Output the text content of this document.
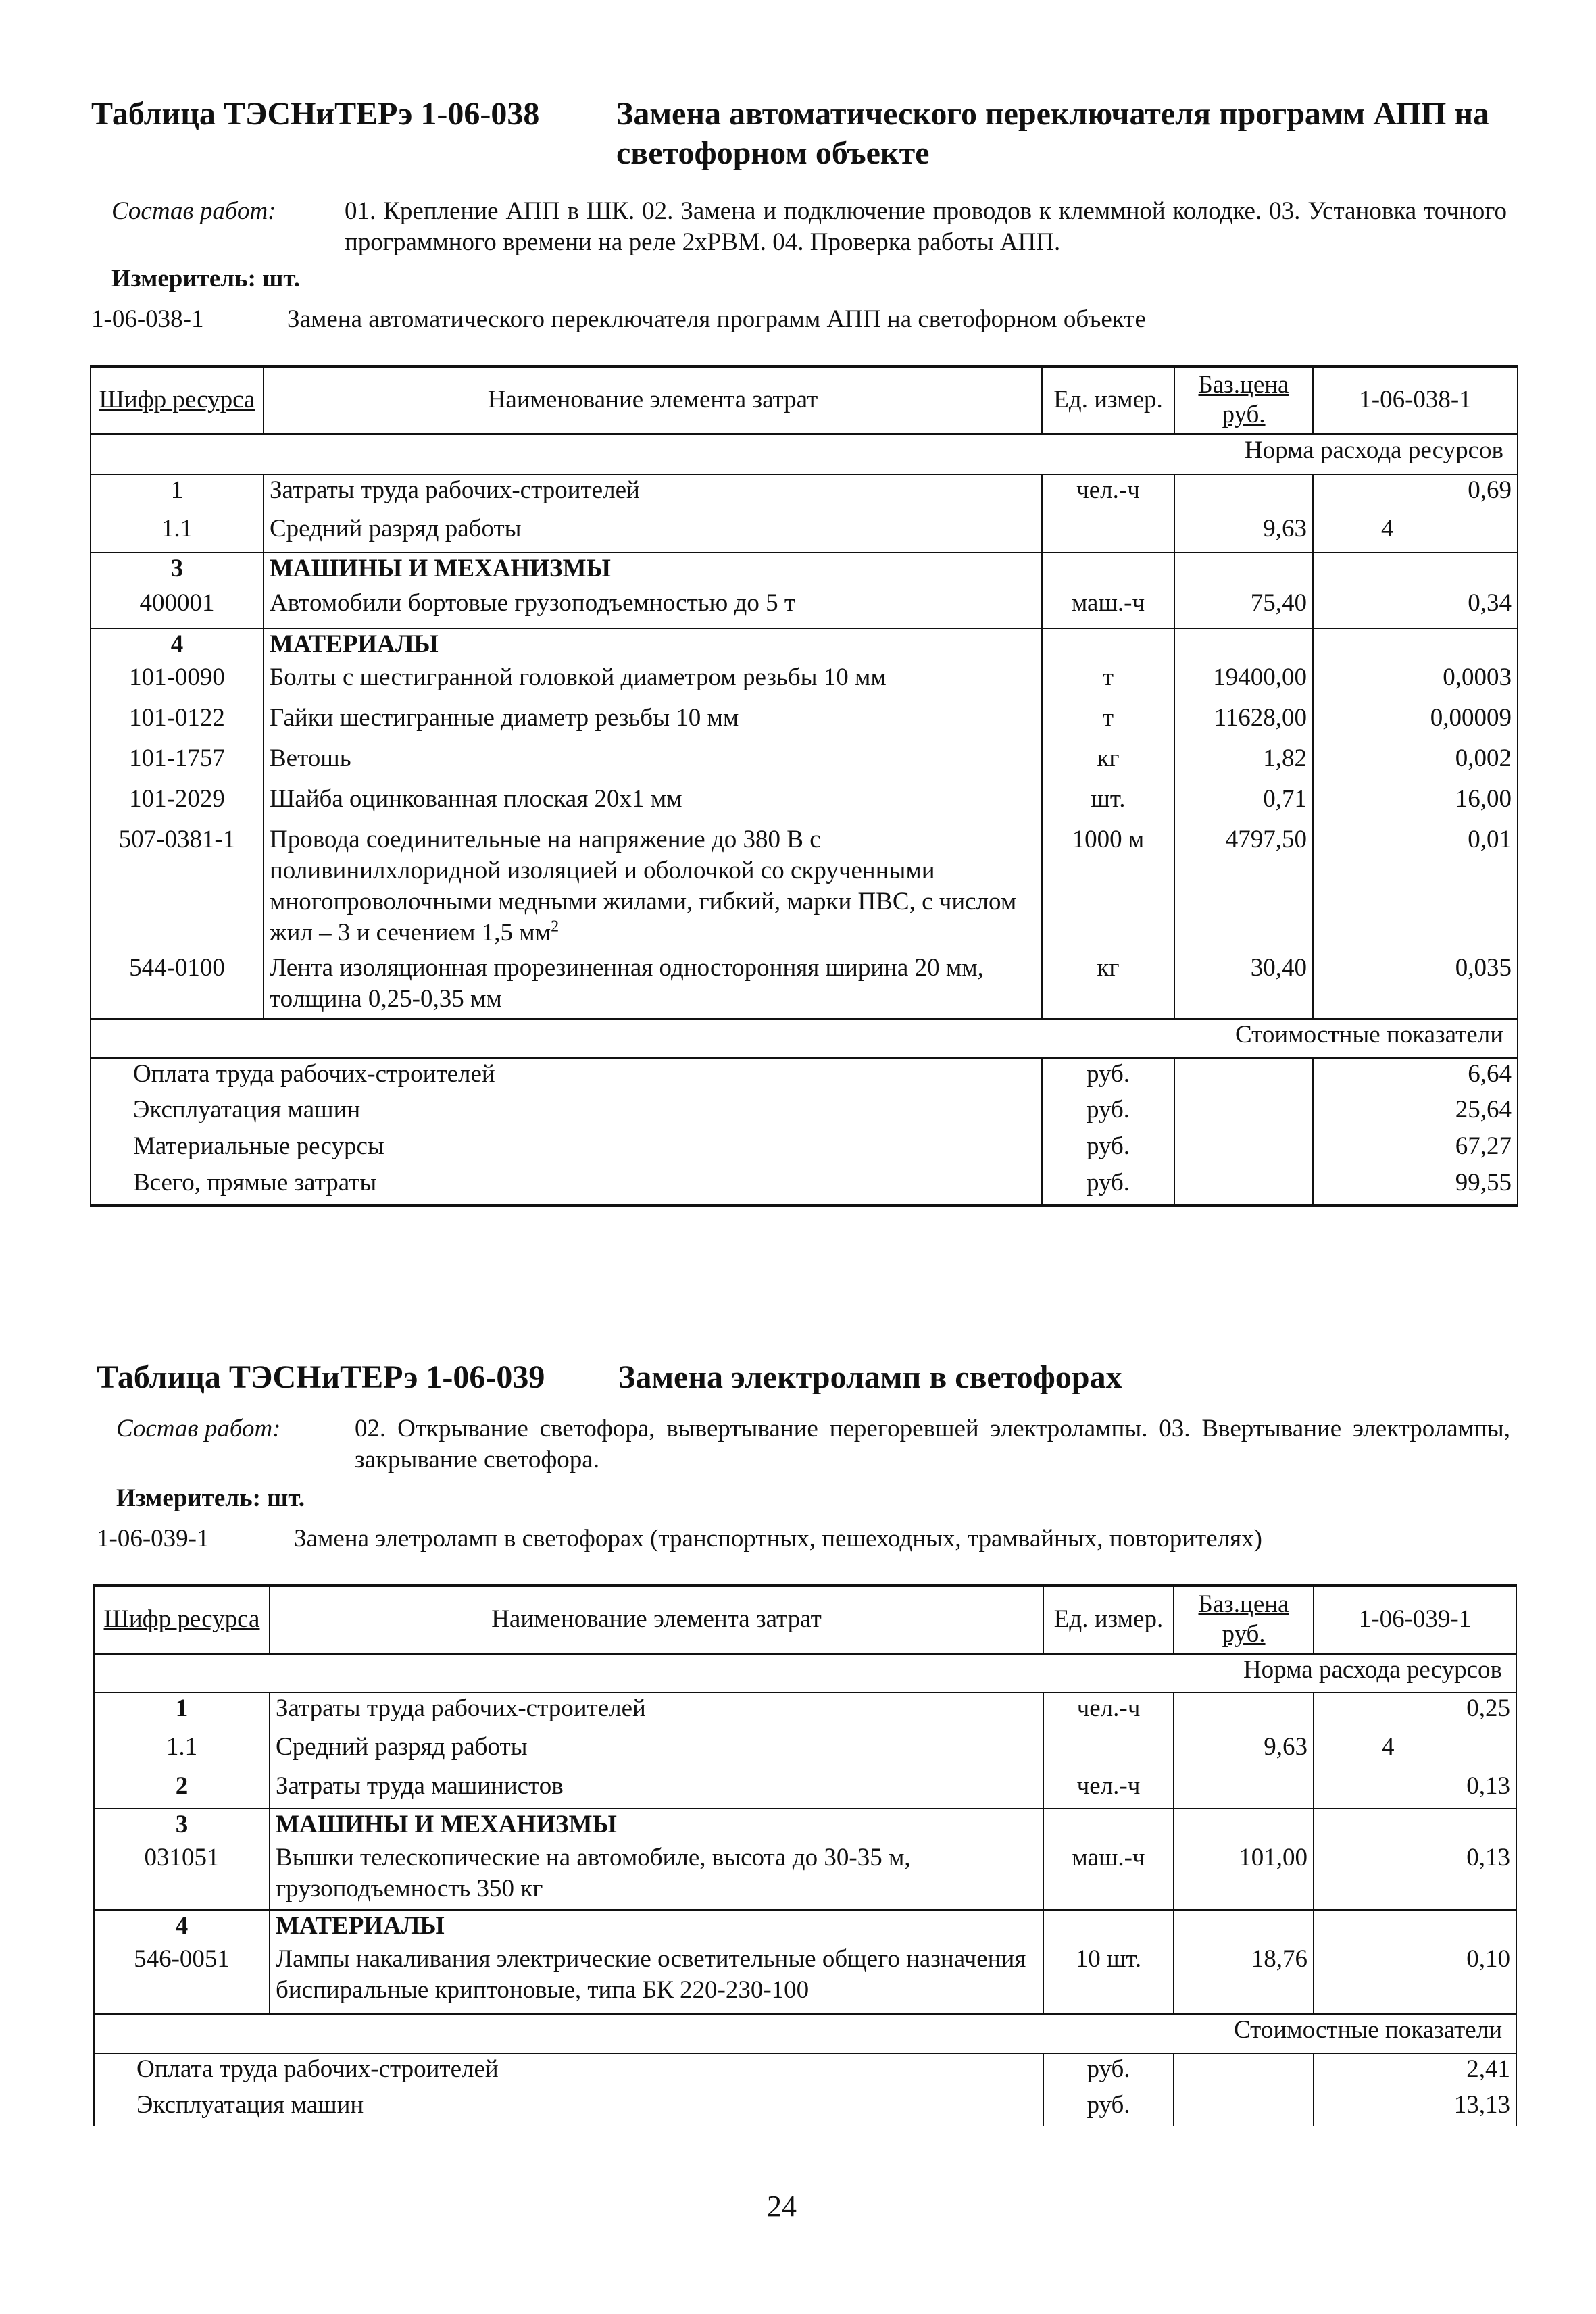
Таблица ТЭСНиТЕРэ 1-06-038 Замена автоматического переключателя программ АПП на светофорном объекте
Состав работ:	01. Крепление АПП в ШК. 02. Замена и подключение проводов к клеммной колодке. 03. Установка точного программного времени на реле 2хРВМ. 04. Проверка работы АПП.
Измеритель: шт.
1-06-038-1	Замена автоматического переключателя программ АПП на светофорном объекте
Шифр ресурса	Наименование элемента затрат	Ед. измер.	Баз.цена руб.	1-06-038-1
Норма расхода ресурсов				
1	Затраты труда рабочих-строителей	чел.-ч		0,69
1.1	Средний разряд работы		9,63	4
3	МАШИНЫ И МЕХАНИЗМЫ			
400001	Автомобили бортовые грузоподъемностью до 5 т	маш.-ч	75,40	0,34
4	МАТЕРИАЛЫ			
101-0090	Болты с шестигранной головкой диаметром резьбы 10 мм	т	19400,00	0,0003
101-0122	Гайки шестигранные диаметр резьбы 10 мм	т	11628,00	0,00009
101-1757	Ветошь	кг	1,82	0,002
101-2029	Шайба оцинкованная плоская 20х1 мм	шт.	0,71	16,00
507-0381-1	Провода соединительные на напряжение до 380 В с поливинилхлоридной изоляцией и оболочкой со скрученными многопроволочными медными жилами, гибкий, марки ПВС, с числом жил – 3 и сечением 1,5 $мм^2$	1000 м	4797,50	0,01
544-0100	Лента изоляционная прорезиненная односторонняя ширина 20 мм, толщина 0,25-0,35 мм	кг	30,40	0,035
Стоимостные показатели				
Оплата труда рабочих-строителей		руб.		6,64
Эксплуатация машин		руб.		25,64
Материальные ресурсы		руб.		67,27
Всего, прямые затраты		руб.		99,55
Таблица ТЭСНиТЕРэ 1-06-039 Замена электроламп в светофорах
Состав работ:	02. Открывание светофора, вывертывание перегоревшей электролампы. 03. Ввертывание электролампы, закрывание светофора.
Измеритель: шт.
1-06-039-1	Замена элетроламп в светофорах (транспортных, пешеходных, трамвайных, повторителях)
Шифр ресурса	Наименование элемента затрат	Ед. измер.	Баз.цена руб.	1-06-039-1
Норма расхода ресурсов				
1	Затраты труда рабочих-строителей	чел.-ч		0,25
1.1	Средний разряд работы		9,63	4
2	Затраты труда машинистов	чел.-ч		0,13
3	МАШИНЫ И МЕХАНИЗМЫ			
031051	Вышки телескопические на автомобиле, высота до 30-35 м, грузоподъемность 350 кг	маш.-ч	101,00	0,13
4	МАТЕРИАЛЫ			
546-0051	Лампы накаливания электрические осветительные общего назначения биспиральные криптоновые, типа БК 220-230-100	10 шт.	18,76	0,10
Стоимостные показатели				
Оплата труда рабочих-строителей		руб.		2,41
Эксплуатация машин		руб.		13,13
24
